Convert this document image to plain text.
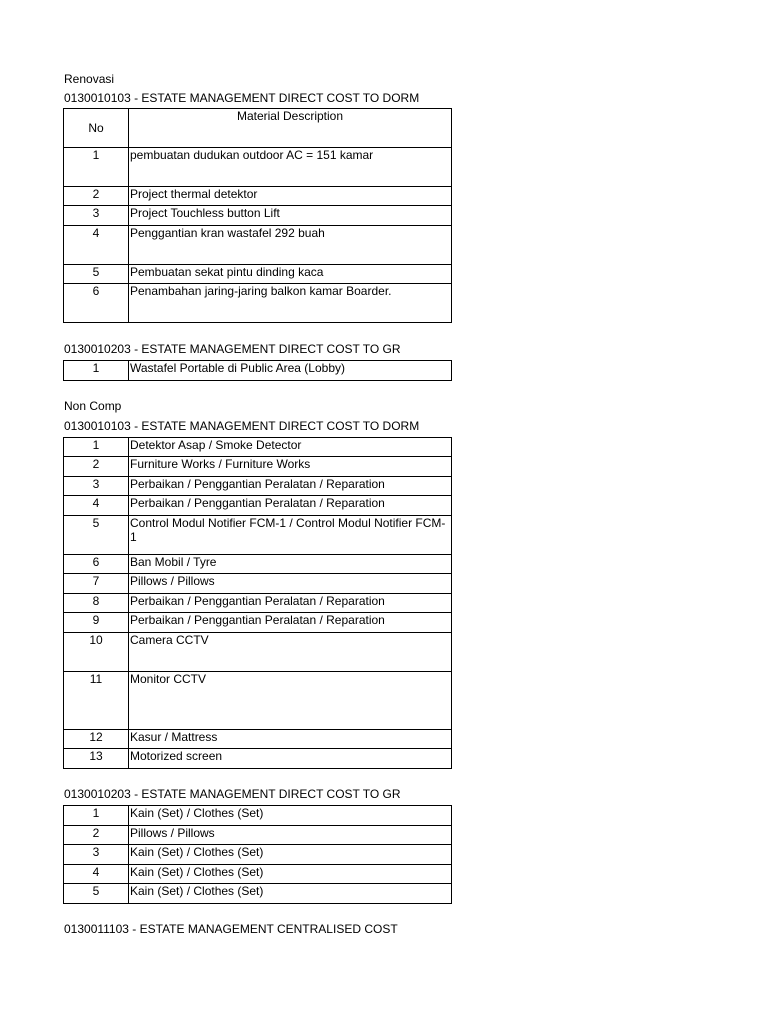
Renovasi
0130010103 - ESTATE MANAGEMENT DIRECT COST TO DORM
No	Material Description
1	pembuatan dudukan outdoor AC = 151 kamar
2	Project thermal detektor
3	Project Touchless button Lift
4	Penggantian kran wastafel 292 buah
5	Pembuatan sekat pintu dinding kaca
6	Penambahan jaring-jaring balkon kamar Boarder.
0130010203 - ESTATE MANAGEMENT DIRECT COST TO GR
1	Wastafel Portable di Public Area (Lobby)
Non Comp
0130010103 - ESTATE MANAGEMENT DIRECT COST TO DORM
1	Detektor Asap / Smoke Detector
2	Furniture Works / Furniture Works
3	Perbaikan / Penggantian Peralatan / Reparation
4	Perbaikan / Penggantian Peralatan / Reparation
5	Control Modul Notifier FCM-1 / Control Modul Notifier FCM-1
6	Ban Mobil / Tyre
7	Pillows / Pillows
8	Perbaikan / Penggantian Peralatan / Reparation
9	Perbaikan / Penggantian Peralatan / Reparation
10	Camera CCTV
11	Monitor CCTV
12	Kasur / Mattress
13	Motorized screen
0130010203 - ESTATE MANAGEMENT DIRECT COST TO GR
1	Kain (Set) / Clothes (Set)
2	Pillows / Pillows
3	Kain (Set) / Clothes (Set)
4	Kain (Set) / Clothes (Set)
5	Kain (Set) / Clothes (Set)
0130011103 - ESTATE MANAGEMENT CENTRALISED COST
